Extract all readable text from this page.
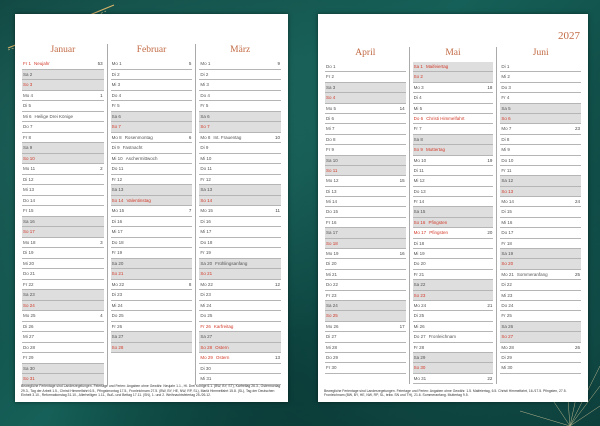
Januar
Fr 1 Neujahr	53
Sa 2
So 3
Mo 4	1
Di 5
Mi 6 Heilige Drei Könige
Do 7
Fr 8
Sa 9
So 10
Mo 11	2
Di 12
Mi 13
Do 14
Fr 15
Sa 16
So 17
Mo 18	3
Di 19
Mi 20
Do 21
Fr 22
Sa 23
So 24
Mo 25	4
Di 26
Mi 27
Do 28
Fr 29
Sa 30
So 31
Februar
Mo 1	5
Di 2
Mi 3
Do 4
Fr 5
Sa 6
So 7
Mo 8 Rosenmontag	6
Di 9 Fastnacht
Mi 10 Aschermittwoch
Do 11
Fr 12
Sa 13
So 14 Valentinstag
Mo 15	7
Di 16
Mi 17
Do 18
Fr 19
Sa 20
So 21
Mo 22	8
Di 23
Mi 24
Do 25
Fr 26
Sa 27
So 28
März
Mo 1	9
Di 2
Mi 3
Do 4
Fr 5
Sa 6
So 7
Mo 8 Int. Frauentag	10
Di 9
Mi 10
Do 11
Fr 12
Sa 13
So 14
Mo 15	11
Di 16
Mi 17
Do 18
Fr 19
Sa 20 Frühlingsanfang
So 21
Mo 22	12
Di 23
Mi 24
Do 25
Fr 26 Karfreitag
Sa 27
So 28 Ostern
Mo 29 Ostern	13
Di 30
Mi 31
Bewegliche Ferientage sind Landesregelungen. Feiertage und Ferien: Angaben ohne Gewähr. Neujahr 1.1., Hl. Drei Könige 6.1. (BW, BY, ST), Karfreitag 26.3., Ostermontag 29.3., Tag der Arbeit 1.5., Christi Himmelfahrt 6.5., Pfingstmontag 17.5., Fronleichnam 27.5. (BW, BY, HE, NW, RP, SL), Mariä Himmelfahrt 15.8. (SL), Tag der Deutschen Einheit 3.10., Reformationstag 31.10., Allerheiligen 1.11., Buß- und Bettag 17.11. (SN), 1. und 2. Weihnachtsfeiertag 25./26.12.
2027
April
Do 1
Fr 2
Sa 3
So 4
Mo 5	14
Di 6
Mi 7
Do 8
Fr 9
Sa 10
So 11
Mo 12	15
Di 13
Mi 14
Do 15
Fr 16
Sa 17
So 18
Mo 19	16
Di 20
Mi 21
Do 22
Fr 23
Sa 24
So 25
Mo 26	17
Di 27
Mi 28
Do 29
Fr 30
Mai
Sa 1 Maifeiertag
So 2
Mo 3	18
Di 4
Mi 5
Do 6 Christi Himmelfahrt
Fr 7
Sa 8
So 9 Muttertag
Mo 10	19
Di 11
Mi 12
Do 13
Fr 14
Sa 15
So 16 Pfingsten
Mo 17 Pfingsten	20
Di 18
Mi 19
Do 20
Fr 21
Sa 22
So 23
Mo 24	21
Di 25
Mi 26
Do 27 Fronleichnam
Fr 28
Sa 29
So 30
Mo 31	22
Juni
Di 1
Mi 2
Do 3
Fr 4
Sa 5
So 6
Mo 7	23
Di 8
Mi 9
Do 10
Fr 11
Sa 12
So 13
Mo 14	24
Di 15
Mi 16
Do 17
Fr 18
Sa 19
So 20
Mo 21 Sommeranfang	25
Di 22
Mi 23
Do 24
Fr 25
Sa 26
So 27
Mo 28	26
Di 29
Mi 30
Bewegliche Ferientage sind Landesregelungen. Feiertage und Ferien: Angaben ohne Gewähr. 1.5. Maifeiertag, 6.5. Christi Himmelfahrt, 16./17.5. Pfingsten, 27.5. Fronleichnam (BW, BY, HE, NW, RP, SL, teilw. SN und TH), 21.6. Sommeranfang. Muttertag 9.5.
